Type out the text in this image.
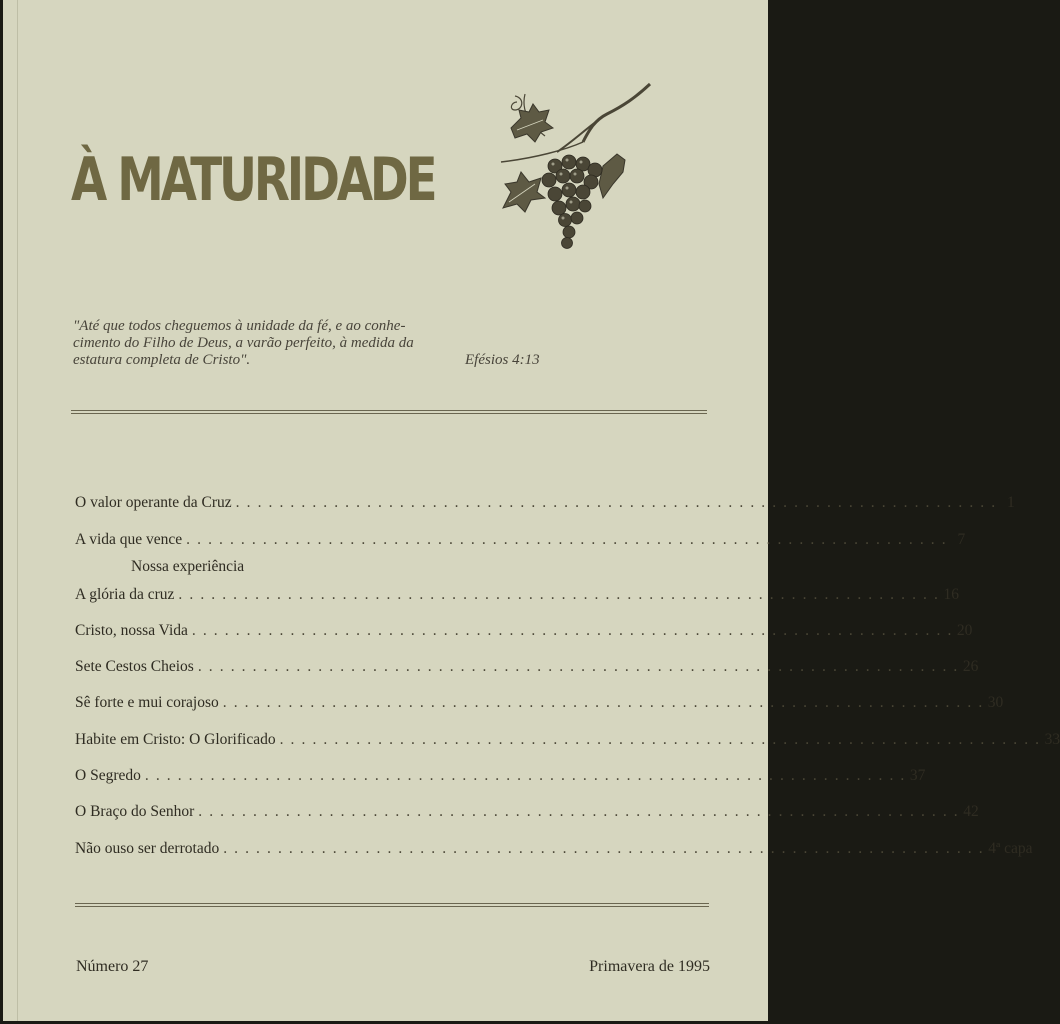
À MATURIDADE
"Até que todos cheguemos à unidade da fé, e ao conhe-
cimento do Filho de Deus, a varão perfeito, à medida da
estatura completa de Cristo".	Efésios 4:13
O valor operante da Cruz . . . . . . . . . . . . . . . . . . . . . . . . . . . . . . . . . . . . . . . . . . . . . . . . . . . . . . . . . . . . . . . . . . . . . . 1
A vida que vence . . . . . . . . . . . . . . . . . . . . . . . . . . . . . . . . . . . . . . . . . . . . . . . . . . . . . . . . . . . . . . . . . . . . . . 7
Nossa experiência
A glória da cruz . . . . . . . . . . . . . . . . . . . . . . . . . . . . . . . . . . . . . . . . . . . . . . . . . . . . . . . . . . . . . . . . . . . . . . 16
Cristo, nossa Vida . . . . . . . . . . . . . . . . . . . . . . . . . . . . . . . . . . . . . . . . . . . . . . . . . . . . . . . . . . . . . . . . . . . . . . 20
Sete Cestos Cheios . . . . . . . . . . . . . . . . . . . . . . . . . . . . . . . . . . . . . . . . . . . . . . . . . . . . . . . . . . . . . . . . . . . . . . 26
Sê forte e mui corajoso . . . . . . . . . . . . . . . . . . . . . . . . . . . . . . . . . . . . . . . . . . . . . . . . . . . . . . . . . . . . . . . . . . . . . . 30
Habite em Cristo: O Glorificado . . . . . . . . . . . . . . . . . . . . . . . . . . . . . . . . . . . . . . . . . . . . . . . . . . . . . . . . . . . . . . . . . . . . . . 33
O Segredo . . . . . . . . . . . . . . . . . . . . . . . . . . . . . . . . . . . . . . . . . . . . . . . . . . . . . . . . . . . . . . . . . . . . . . 37
O Braço do Senhor . . . . . . . . . . . . . . . . . . . . . . . . . . . . . . . . . . . . . . . . . . . . . . . . . . . . . . . . . . . . . . . . . . . . . . 42
Não ouso ser derrotado . . . . . . . . . . . . . . . . . . . . . . . . . . . . . . . . . . . . . . . . . . . . . . . . . . . . . . . . . . . . . . . . . . . . . . 4ª capa
Número 27	Primavera de 1995
